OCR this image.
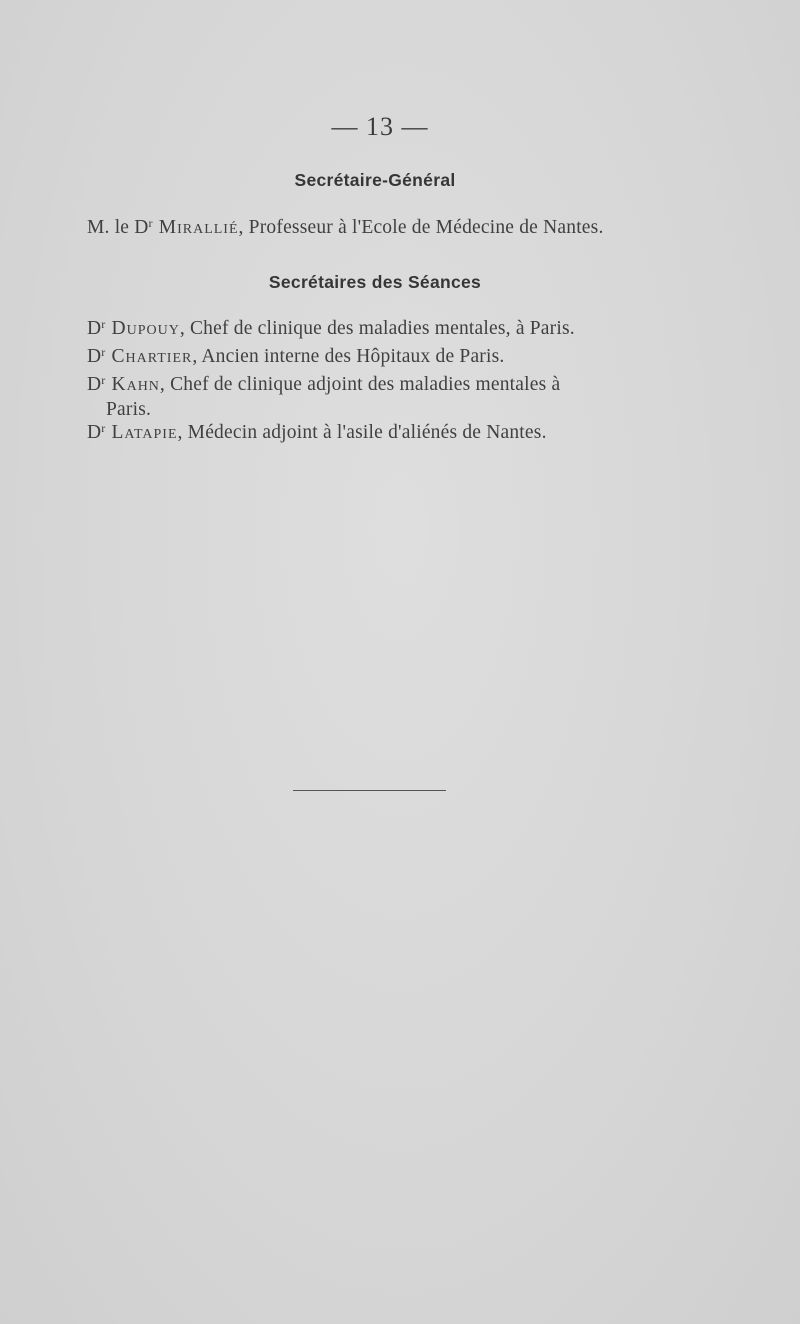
— 13 —
Secrétaire-Général
M. le $D^r$ Mirallié, Professeur à l'Ecole de Médecine de Nantes.
Secrétaires des Séances
$D^r$ Dupouy, Chef de clinique des maladies mentales, à Paris.
$D^r$ Chartier, Ancien interne des Hôpitaux de Paris.
$D^r$ Kahn, Chef de clinique adjoint des maladies mentales à
Paris.
$D^r$ Latapie, Médecin adjoint à l'asile d'aliénés de Nantes.
